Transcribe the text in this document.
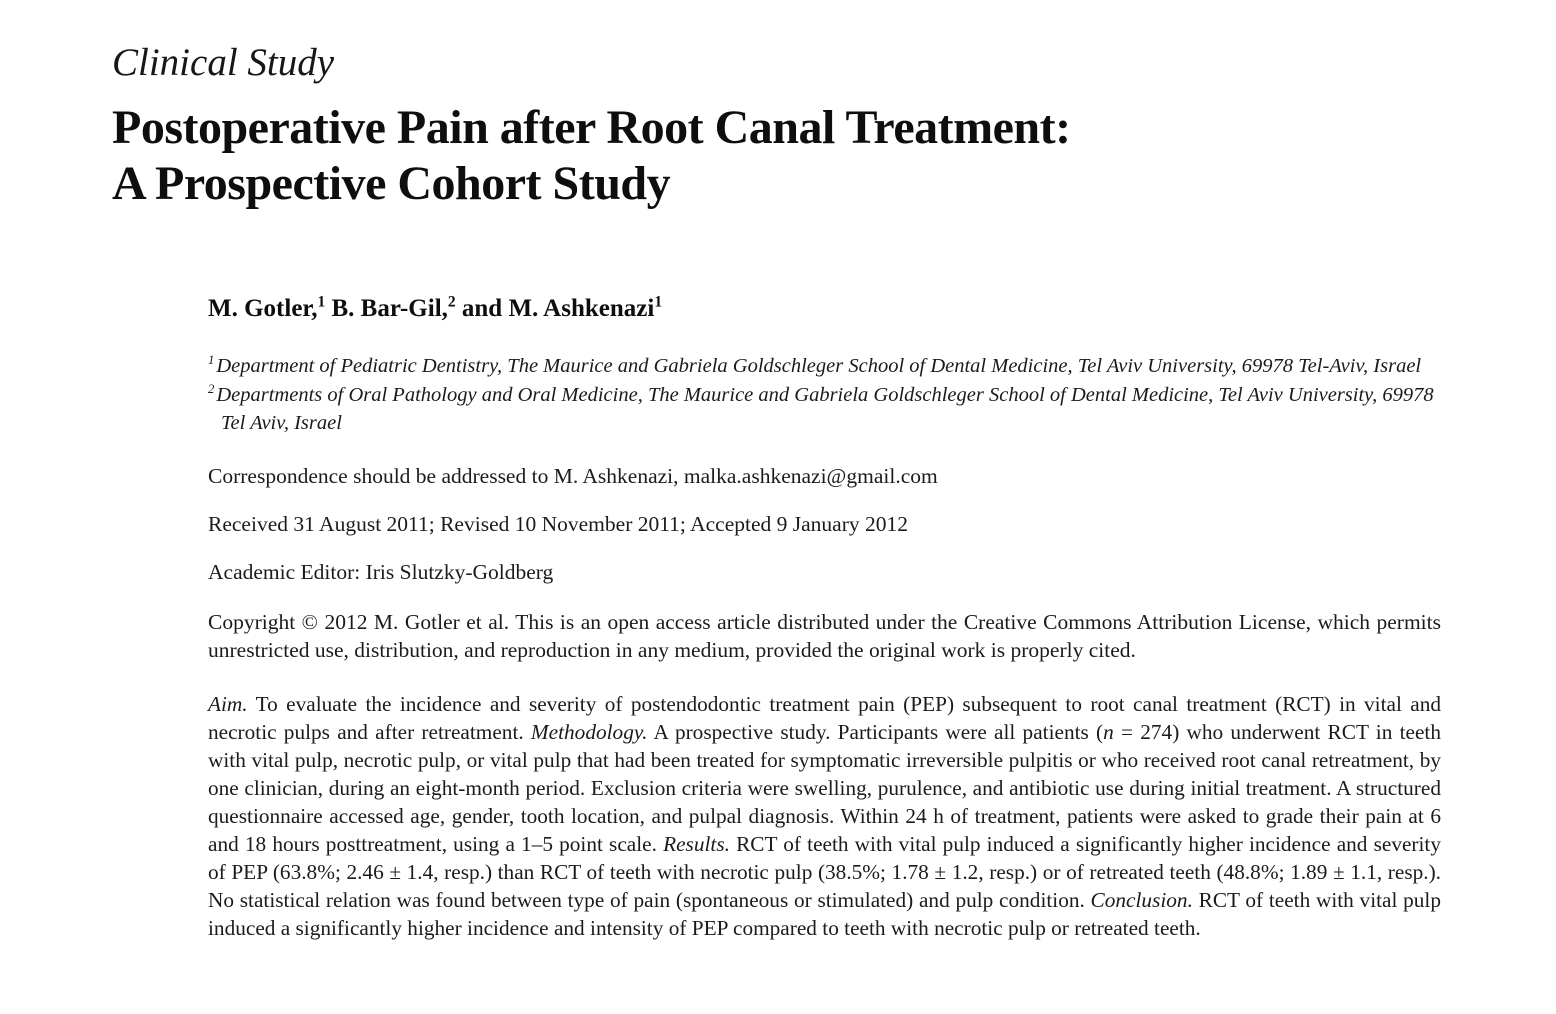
Clinical Study
Postoperative Pain after Root Canal Treatment:
A Prospective Cohort Study
M. Gotler,$^1$ B. Bar-Gil,$^2$ and M. Ashkenazi$^1$
$^1$Department of Pediatric Dentistry, The Maurice and Gabriela Goldschleger School of Dental Medicine, Tel Aviv University, 69978 Tel-Aviv, Israel
$^2$Departments of Oral Pathology and Oral Medicine, The Maurice and Gabriela Goldschleger School of Dental Medicine, Tel Aviv University, 69978 Tel Aviv, Israel

Correspondence should be addressed to M. Ashkenazi, malka.ashkenazi@gmail.com

Received 31 August 2011; Revised 10 November 2011; Accepted 9 January 2012

Academic Editor: Iris Slutzky-Goldberg

Copyright © 2012 M. Gotler et al. This is an open access article distributed under the Creative Commons Attribution License, which permits unrestricted use, distribution, and reproduction in any medium, provided the original work is properly cited.

Aim. To evaluate the incidence and severity of postendodontic treatment pain (PEP) subsequent to root canal treatment (RCT) in vital and necrotic pulps and after retreatment. Methodology. A prospective study. Participants were all patients (n = 274) who underwent RCT in teeth with vital pulp, necrotic pulp, or vital pulp that had been treated for symptomatic irreversible pulpitis or who received root canal retreatment, by one clinician, during an eight-month period. Exclusion criteria were swelling, purulence, and antibiotic use during initial treatment. A structured questionnaire accessed age, gender, tooth location, and pulpal diagnosis. Within 24 h of treatment, patients were asked to grade their pain at 6 and 18 hours posttreatment, using a 1–5 point scale. Results. RCT of teeth with vital pulp induced a significantly higher incidence and severity of PEP (63.8%; 2.46 ± 1.4, resp.) than RCT of teeth with necrotic pulp (38.5%; 1.78 ± 1.2, resp.) or of retreated teeth (48.8%; 1.89 ± 1.1, resp.). No statistical relation was found between type of pain (spontaneous or stimulated) and pulp condition. Conclusion. RCT of teeth with vital pulp induced a significantly higher incidence and intensity of PEP compared to teeth with necrotic pulp or retreated teeth.
